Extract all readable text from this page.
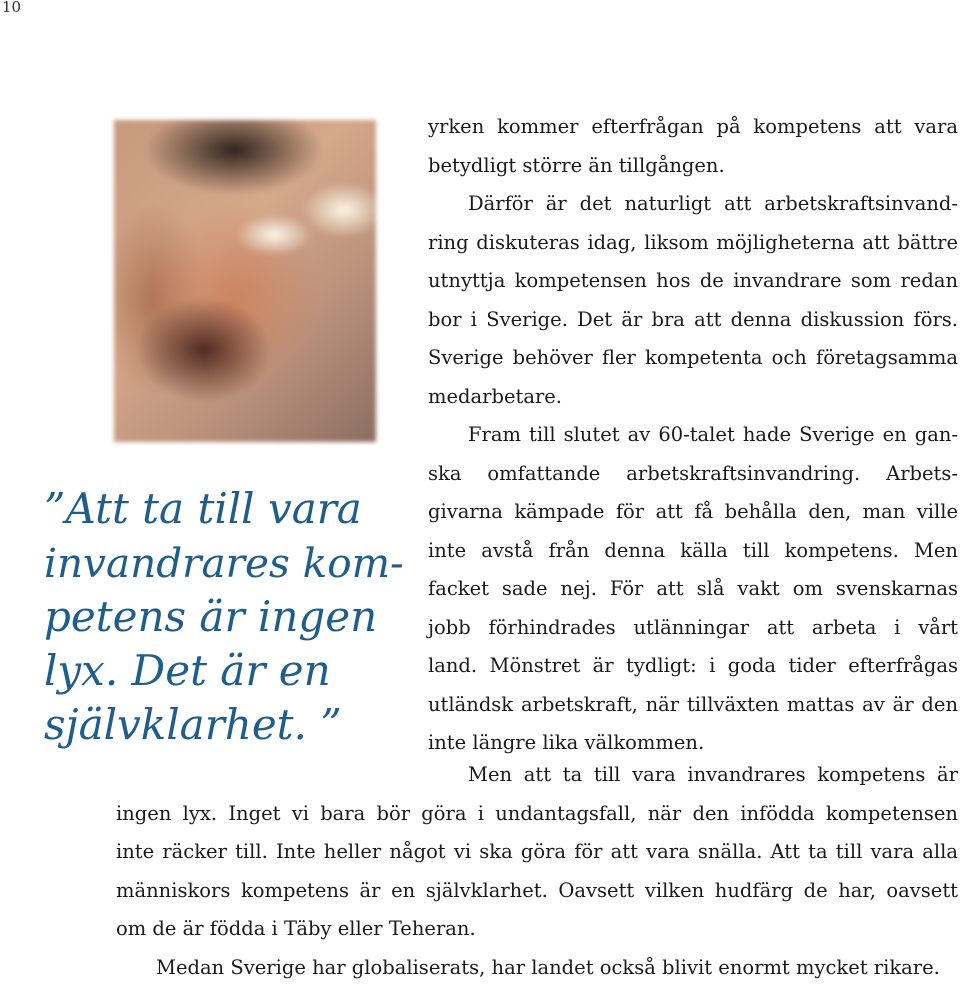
10
”Att ta till vara
invandrares kom-
petens är ingen
lyx. Det är en
självklarhet. ”
yrken kommer efterfrågan på kompetens att vara
betydligt större än tillgången.
Därför är det naturligt att arbetskraftsinvand-
ring diskuteras idag, liksom möjligheterna att bättre
utnyttja kompetensen hos de invandrare som redan
bor i Sverige. Det är bra att denna diskussion förs.
Sverige behöver fler kompetenta och företagsamma
medarbetare.
Fram till slutet av 60-talet hade Sverige en gan-
ska omfattande arbetskraftsinvandring. Arbets-
givarna kämpade för att få behålla den, man ville
inte avstå från denna källa till kompetens. Men
facket sade nej. För att slå vakt om svenskarnas
jobb förhindrades utlänningar att arbeta i vårt
land. Mönstret är tydligt: i goda tider efterfrågas
utländsk arbetskraft, när tillväxten mattas av är den
inte längre lika välkommen.
Men att ta till vara invandrares kompetens är
ingen lyx. Inget vi bara bör göra i undantagsfall, när den infödda kompetensen
inte räcker till. Inte heller något vi ska göra för att vara snälla. Att ta till vara alla
människors kompetens är en självklarhet. Oavsett vilken hudfärg de har, oavsett
om de är födda i Täby eller Teheran.
Medan Sverige har globaliserats, har landet också blivit enormt mycket rikare.
